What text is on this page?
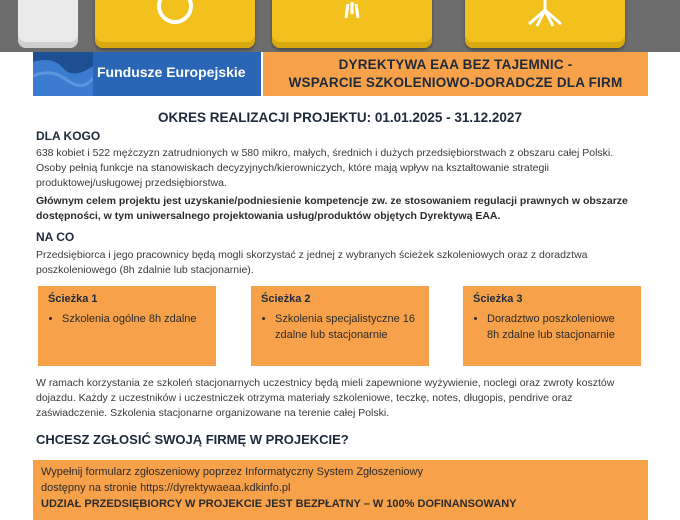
Fundusze Europejskie	DYREKTYWA EAA BEZ TAJEMNIC -
WSPARCIE SZKOLENIOWO-DORADCZE DLA FIRM
OKRES REALIZACJI PROJEKTU: 01.01.2025 - 31.12.2027
DLA KOGO
638 kobiet i 522 mężczyzn zatrudnionych w 580 mikro, małych, średnich i dużych przedsiębiorstwach z obszaru całej Polski.
Osoby pełnią funkcje na stanowiskach decyzyjnych/kierowniczych, które mają wpływ na kształtowanie strategii
produktowej/usługowej przedsiębiorstwa.
Głównym celem projektu jest uzyskanie/podniesienie kompetencje zw. ze stosowaniem regulacji prawnych w obszarze
dostępności, w tym uniwersalnego projektowania usług/produktów objętych Dyrektywą EAA.
NA CO
Przedsiębiorca i jego pracownicy będą mogli skorzystać z jednej z wybranych ścieżek szkoleniowych oraz z doradztwa
poszkoleniowego (8h zdalnie lub stacjonarnie).
Ścieżka 1
• Szkolenia ogólne 8h zdalne
Ścieżka 2
• Szkolenia specjalistyczne 16
zdalne lub stacjonarnie
Ścieżka 3
• Doradztwo poszkoleniowe
8h zdalne lub stacjonarnie
W ramach korzystania ze szkoleń stacjonarnych uczestnicy będą mieli zapewnione wyżywienie, noclegi oraz zwroty kosztów
dojazdu. Każdy z uczestników i uczestniczek otrzyma materiały szkoleniowe, teczkę, notes, długopis, pendrive oraz
zaświadczenie. Szkolenia stacjonarne organizowane na terenie całej Polski.
CHCESZ ZGŁOSIĆ SWOJĄ FIRMĘ W PROJEKCIE?
Wypełnij formularz zgłoszeniowy poprzez Informatyczny System Zgłoszeniowy
dostępny na stronie https://dyrektywaeaa.kdkinfo.pl
UDZIAŁ PRZEDSIĘBIORCY W PROJEKCIE JEST BEZPŁATNY – W 100% DOFINANSOWANY
